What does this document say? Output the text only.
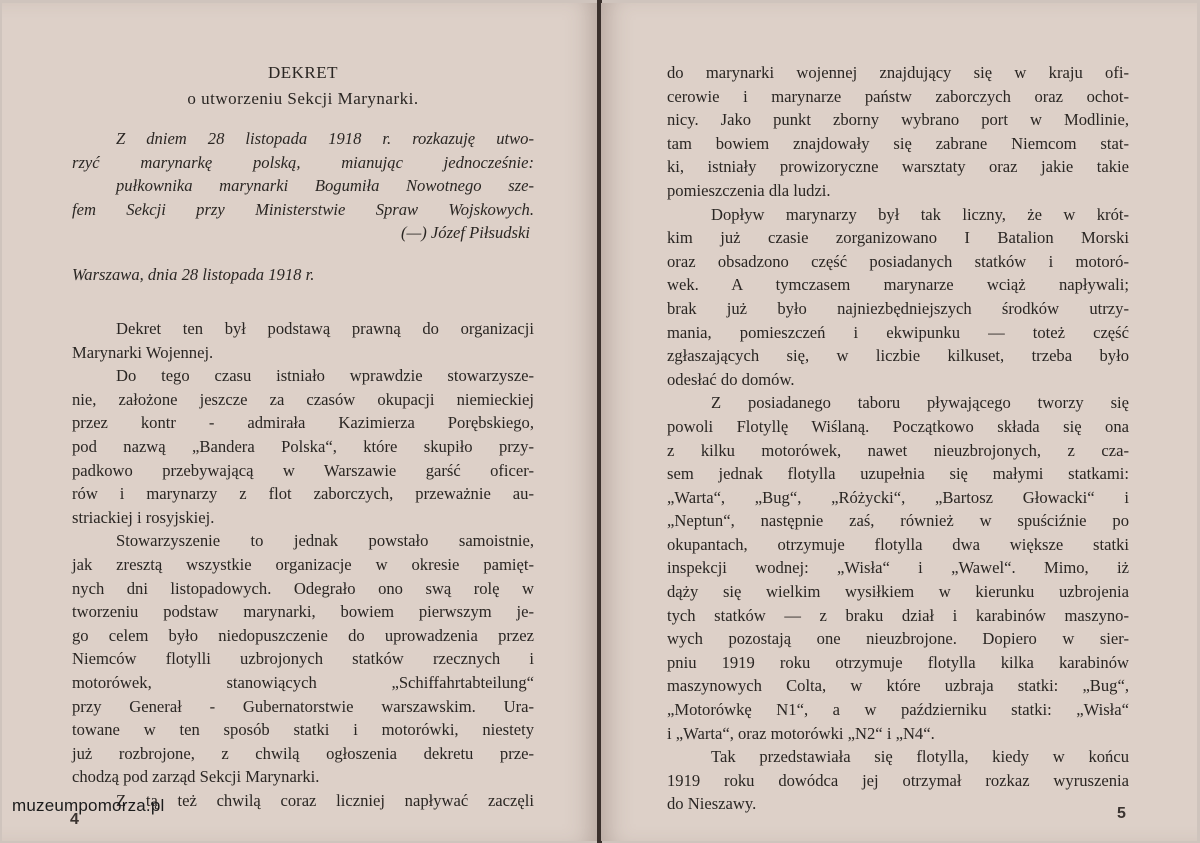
DEKRET
o utworzeniu Sekcji Marynarki.
Z dniem 28 listopada 1918 r. rozkazuję utwo-
rzyć marynarkę polską, mianując jednocześnie:
pułkownika marynarki Bogumiła Nowotnego sze-
fem Sekcji przy Ministerstwie Spraw Wojskowych.
(—) Józef Piłsudski
Warszawa, dnia 28 listopada 1918 r.
Dekret ten był podstawą prawną do organizacji
Marynarki Wojennej.
Do tego czasu istniało wprawdzie stowarzysze-
nie, założone jeszcze za czasów okupacji niemieckiej
przez kontr - admirała Kazimierza Porębskiego,
pod nazwą „Bandera Polska“, które skupiło przy-
padkowo przebywającą w Warszawie garść oficer-
rów i marynarzy z flot zaborczych, przeważnie au-
striackiej i rosyjskiej.
Stowarzyszenie to jednak powstało samoistnie,
jak zresztą wszystkie organizacje w okresie pamięt-
nych dni listopadowych. Odegrało ono swą rolę w
tworzeniu podstaw marynarki, bowiem pierwszym je-
go celem było niedopuszczenie do uprowadzenia przez
Niemców flotylli uzbrojonych statków rzecznych i
motorówek, stanowiących „Schiffahrtabteilung“
przy Generał - Gubernatorstwie warszawskim. Ura-
towane w ten sposób statki i motorówki, niestety
już rozbrojone, z chwilą ogłoszenia dekretu prze-
chodzą pod zarząd Sekcji Marynarki.
Z tą też chwilą coraz liczniej napływać zaczęli
4
do marynarki wojennej znajdujący się w kraju ofi-
cerowie i marynarze państw zaborczych oraz ochot-
nicy. Jako punkt zborny wybrano port w Modlinie,
tam bowiem znajdowały się zabrane Niemcom stat-
ki, istniały prowizoryczne warsztaty oraz jakie takie
pomieszczenia dla ludzi.
Dopływ marynarzy był tak liczny, że w krót-
kim już czasie zorganizowano I Batalion Morski
oraz obsadzono część posiadanych statków i motoró-
wek. A tymczasem marynarze wciąż napływali;
brak już było najniezbędniejszych środków utrzy-
mania, pomieszczeń i ekwipunku — toteż część
zgłaszających się, w liczbie kilkuset, trzeba było
odesłać do domów.
Z posiadanego taboru pływającego tworzy się
powoli Flotyllę Wiślaną. Początkowo składa się ona
z kilku motorówek, nawet nieuzbrojonych, z cza-
sem jednak flotylla uzupełnia się małymi statkami:
„Warta“, „Bug“, „Różycki“, „Bartosz Głowacki“ i
„Neptun“, następnie zaś, również w spuściźnie po
okupantach, otrzymuje flotylla dwa większe statki
inspekcji wodnej: „Wisła“ i „Wawel“. Mimo, iż
dąży się wielkim wysiłkiem w kierunku uzbrojenia
tych statków — z braku dział i karabinów maszyno-
wych pozostają one nieuzbrojone. Dopiero w sier-
pniu 1919 roku otrzymuje flotylla kilka karabinów
maszynowych Colta, w które uzbraja statki: „Bug“,
„Motorówkę N1“, a w październiku statki: „Wisła“
i „Warta“, oraz motorówki „N2“ i „N4“.
Tak przedstawiała się flotylla, kiedy w końcu
1919 roku dowódca jej otrzymał rozkaz wyruszenia
do Nieszawy.
5
muzeumpomorza.pl
